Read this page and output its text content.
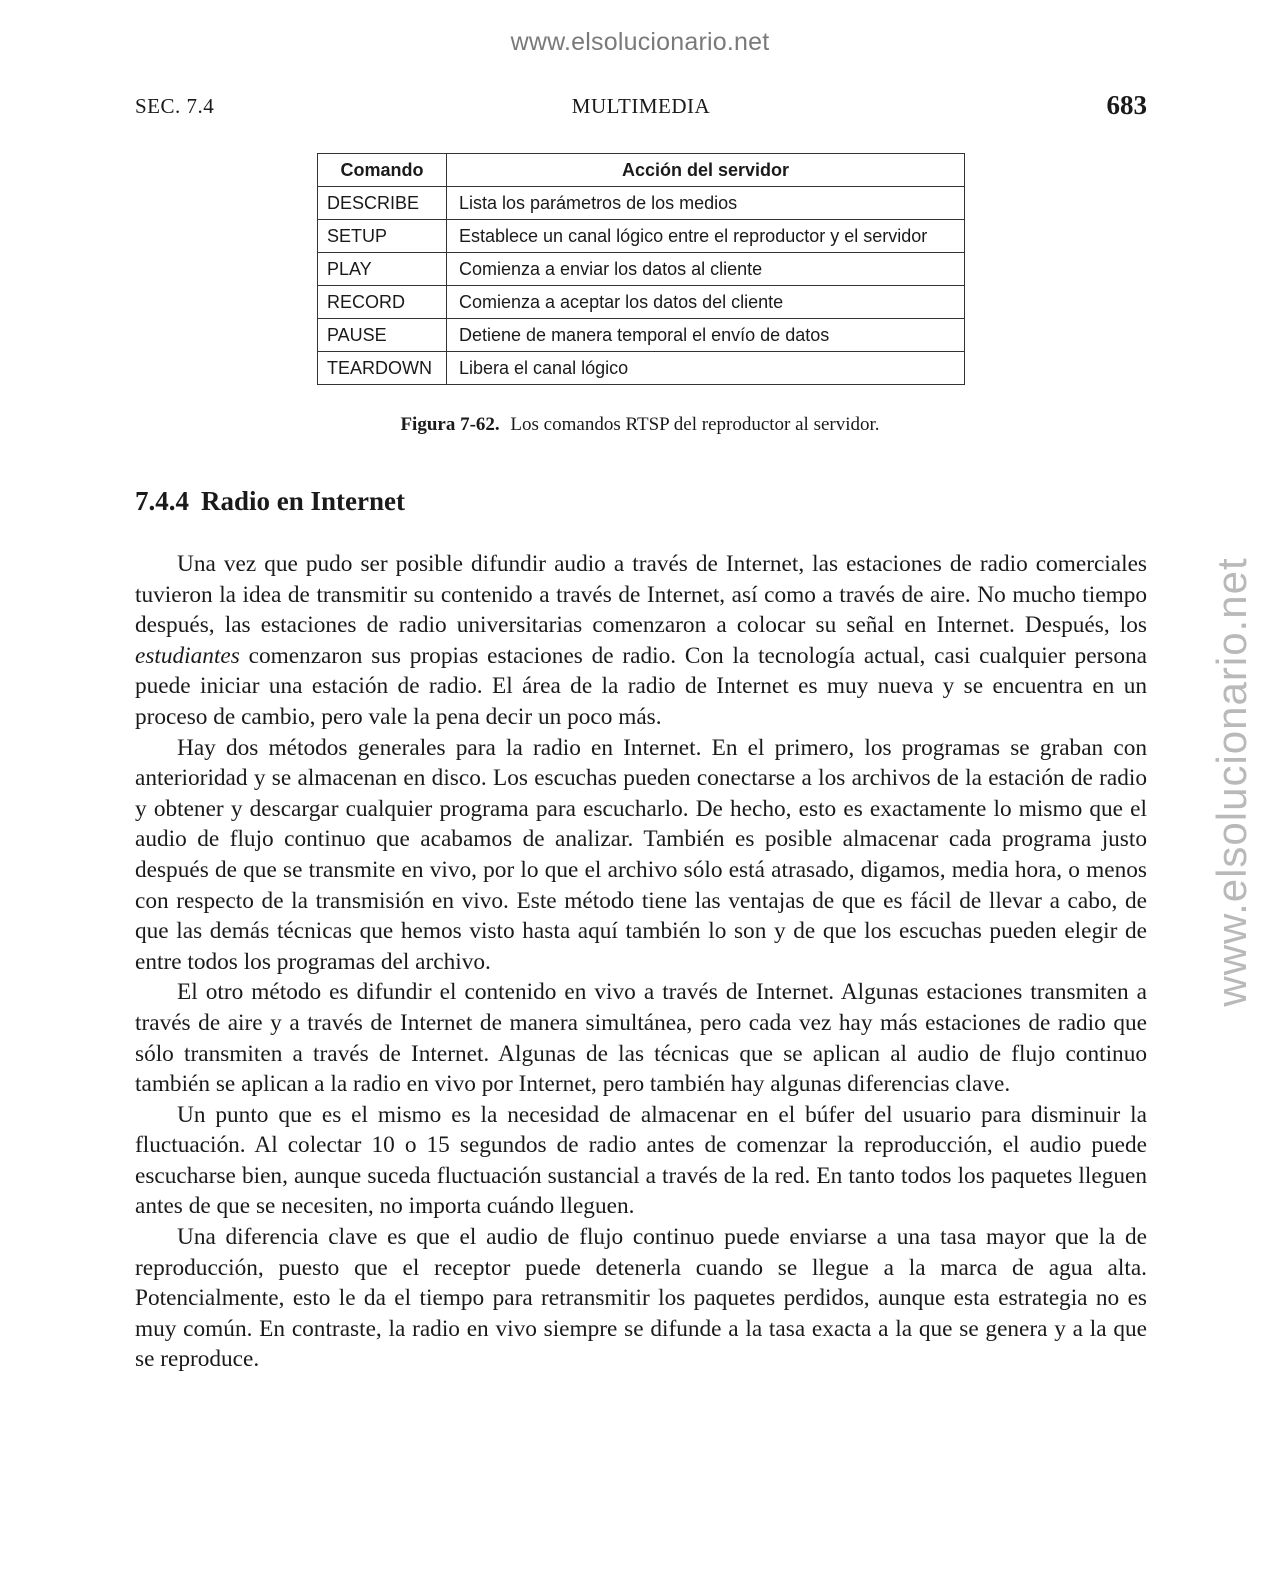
www.elsolucionario.net
www.elsolucionario.net
SEC. 7.4	MULTIMEDIA	683
Comando	Acción del servidor
DESCRIBE	Lista los parámetros de los medios
SETUP	Establece un canal lógico entre el reproductor y el servidor
PLAY	Comienza a enviar los datos al cliente
RECORD	Comienza a aceptar los datos del cliente
PAUSE	Detiene de manera temporal el envío de datos
TEARDOWN	Libera el canal lógico
Figura 7-62. Los comandos RTSP del reproductor al servidor.
7.4.4 Radio en Internet

Una vez que pudo ser posible difundir audio a través de Internet, las estaciones de radio comerciales tuvieron la idea de transmitir su contenido a través de Internet, así como a través de aire. No mucho tiempo después, las estaciones de radio universitarias comenzaron a colocar su señal en Internet. Después, los estudiantes comenzaron sus propias estaciones de radio. Con la tecnología actual, casi cualquier persona puede iniciar una estación de radio. El área de la radio de Internet es muy nueva y se encuentra en un proceso de cambio, pero vale la pena decir un poco más.

Hay dos métodos generales para la radio en Internet. En el primero, los programas se graban con anterioridad y se almacenan en disco. Los escuchas pueden conectarse a los archivos de la estación de radio y obtener y descargar cualquier programa para escucharlo. De hecho, esto es exactamente lo mismo que el audio de flujo continuo que acabamos de analizar. También es posible almacenar cada programa justo después de que se transmite en vivo, por lo que el archivo sólo está atrasado, digamos, media hora, o menos con respecto de la transmisión en vivo. Este método tiene las ventajas de que es fácil de llevar a cabo, de que las demás técnicas que hemos visto hasta aquí también lo son y de que los escuchas pueden elegir de entre todos los programas del archivo.

El otro método es difundir el contenido en vivo a través de Internet. Algunas estaciones transmiten a través de aire y a través de Internet de manera simultánea, pero cada vez hay más estaciones de radio que sólo transmiten a través de Internet. Algunas de las técnicas que se aplican al audio de flujo continuo también se aplican a la radio en vivo por Internet, pero también hay algunas diferencias clave.

Un punto que es el mismo es la necesidad de almacenar en el búfer del usuario para disminuir la fluctuación. Al colectar 10 o 15 segundos de radio antes de comenzar la reproducción, el audio puede escucharse bien, aunque suceda fluctuación sustancial a través de la red. En tanto todos los paquetes lleguen antes de que se necesiten, no importa cuándo lleguen.

Una diferencia clave es que el audio de flujo continuo puede enviarse a una tasa mayor que la de reproducción, puesto que el receptor puede detenerla cuando se llegue a la marca de agua alta. Potencialmente, esto le da el tiempo para retransmitir los paquetes perdidos, aunque esta estrategia no es muy común. En contraste, la radio en vivo siempre se difunde a la tasa exacta a la que se genera y a la que se reproduce.
